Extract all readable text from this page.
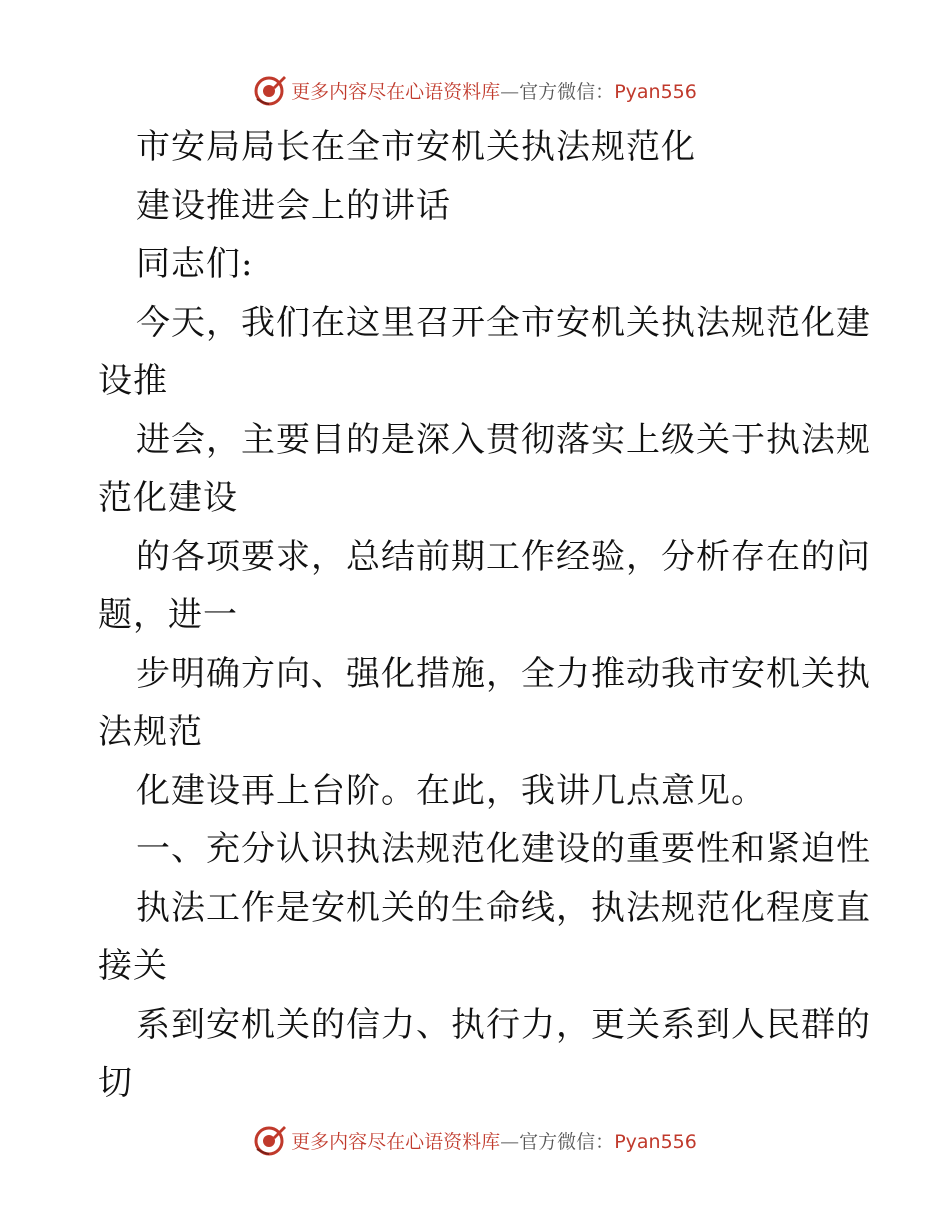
更多内容尽在心语资料库—官方微信：Pyan556
市安局局长在全市安机关执法规范化
建设推进会上的讲话
同志们:
今天，我们在这里召开全市安机关执法规范化建
设推
进会，主要目的是深入贯彻落实上级关于执法规
范化建设
的各项要求，总结前期工作经验，分析存在的问
题，进一
步明确方向、强化措施，全力推动我市安机关执
法规范
化建设再上台阶。在此，我讲几点意见。
一、充分认识执法规范化建设的重要性和紧迫性
执法工作是安机关的生命线，执法规范化程度直
接关
系到安机关的信力、执行力，更关系到人民群的
切
更多内容尽在心语资料库—官方微信：Pyan556
